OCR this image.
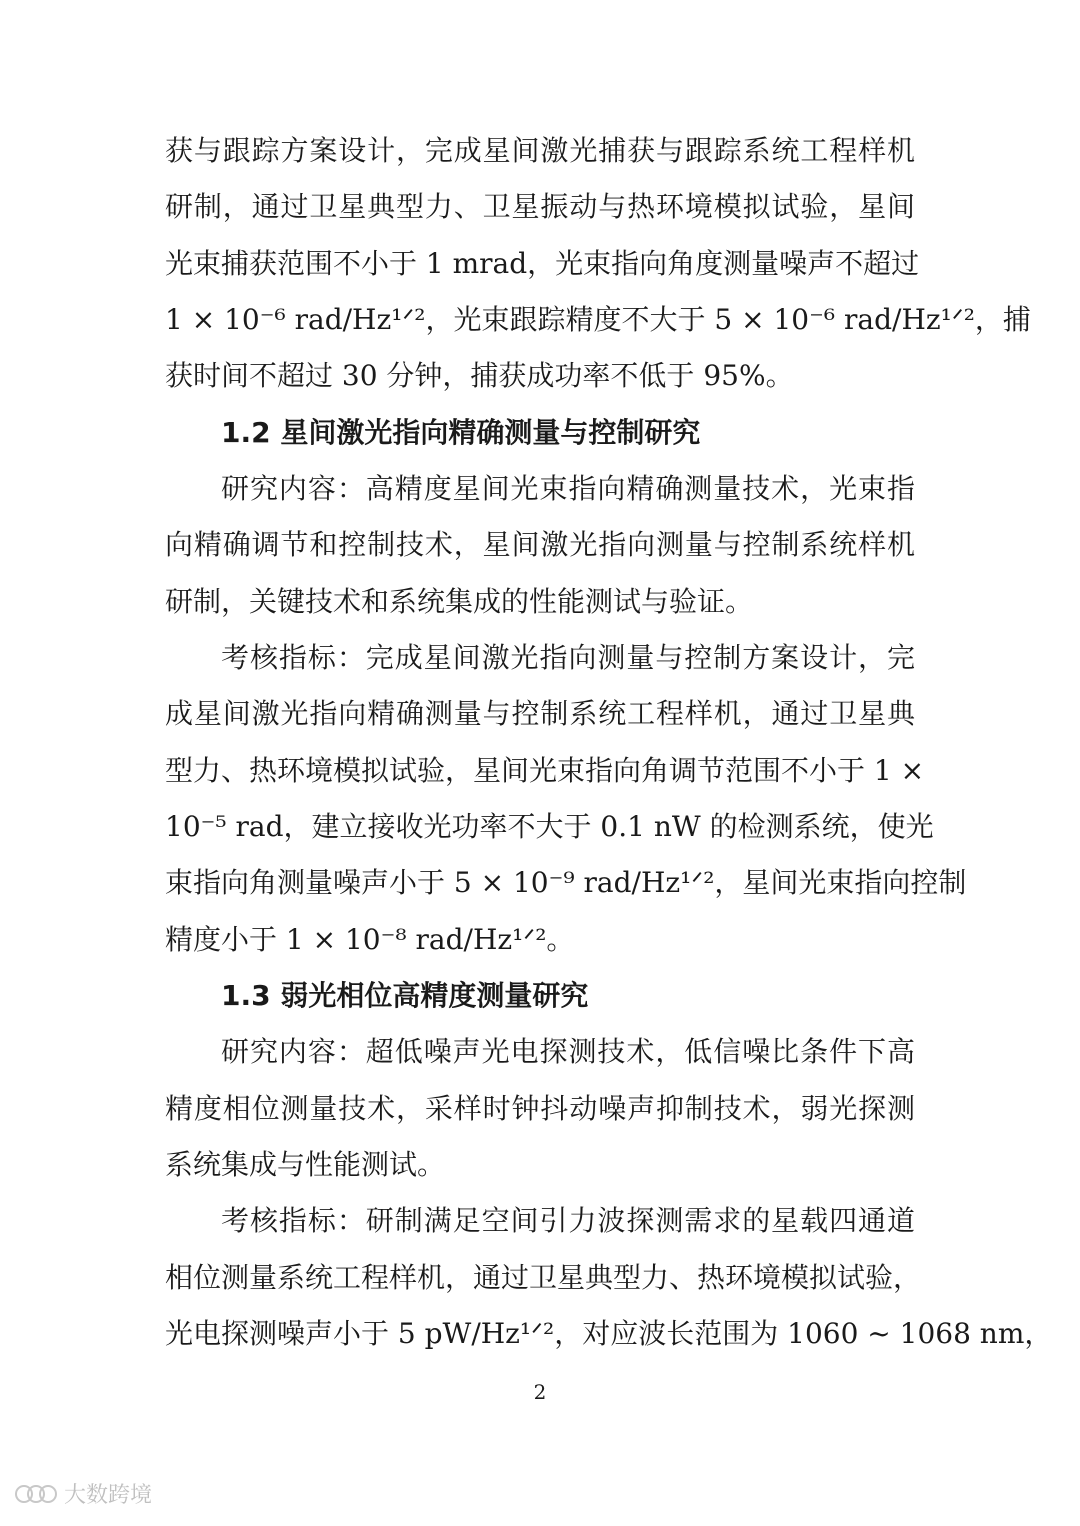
获与跟踪方案设计，完成星间激光捕获与跟踪系统工程样机
研制，通过卫星典型力、卫星振动与热环境模拟试验，星间
光束捕获范围不小于 1 mrad，光束指向角度测量噪声不超过
1 × 10⁻⁶ rad/Hz¹ᐟ²，光束跟踪精度不大于 5 × 10⁻⁶ rad/Hz¹ᐟ²，捕
获时间不超过 30 分钟，捕获成功率不低于 95%。
1.2 星间激光指向精确测量与控制研究
研究内容：高精度星间光束指向精确测量技术，光束指
向精确调节和控制技术，星间激光指向测量与控制系统样机
研制，关键技术和系统集成的性能测试与验证。
考核指标：完成星间激光指向测量与控制方案设计，完
成星间激光指向精确测量与控制系统工程样机，通过卫星典
型力、热环境模拟试验，星间光束指向角调节范围不小于 1 ×
10⁻⁵ rad，建立接收光功率不大于 0.1 nW 的检测系统，使光
束指向角测量噪声小于 5 × 10⁻⁹ rad/Hz¹ᐟ²，星间光束指向控制
精度小于 1 × 10⁻⁸ rad/Hz¹ᐟ²。
1.3 弱光相位高精度测量研究
研究内容：超低噪声光电探测技术，低信噪比条件下高
精度相位测量技术，采样时钟抖动噪声抑制技术，弱光探测
系统集成与性能测试。
考核指标：研制满足空间引力波探测需求的星载四通道
相位测量系统工程样机，通过卫星典型力、热环境模拟试验，
光电探测噪声小于 5 pW/Hz¹ᐟ²，对应波长范围为 1060 ~ 1068 nm，
2
大数跨境
